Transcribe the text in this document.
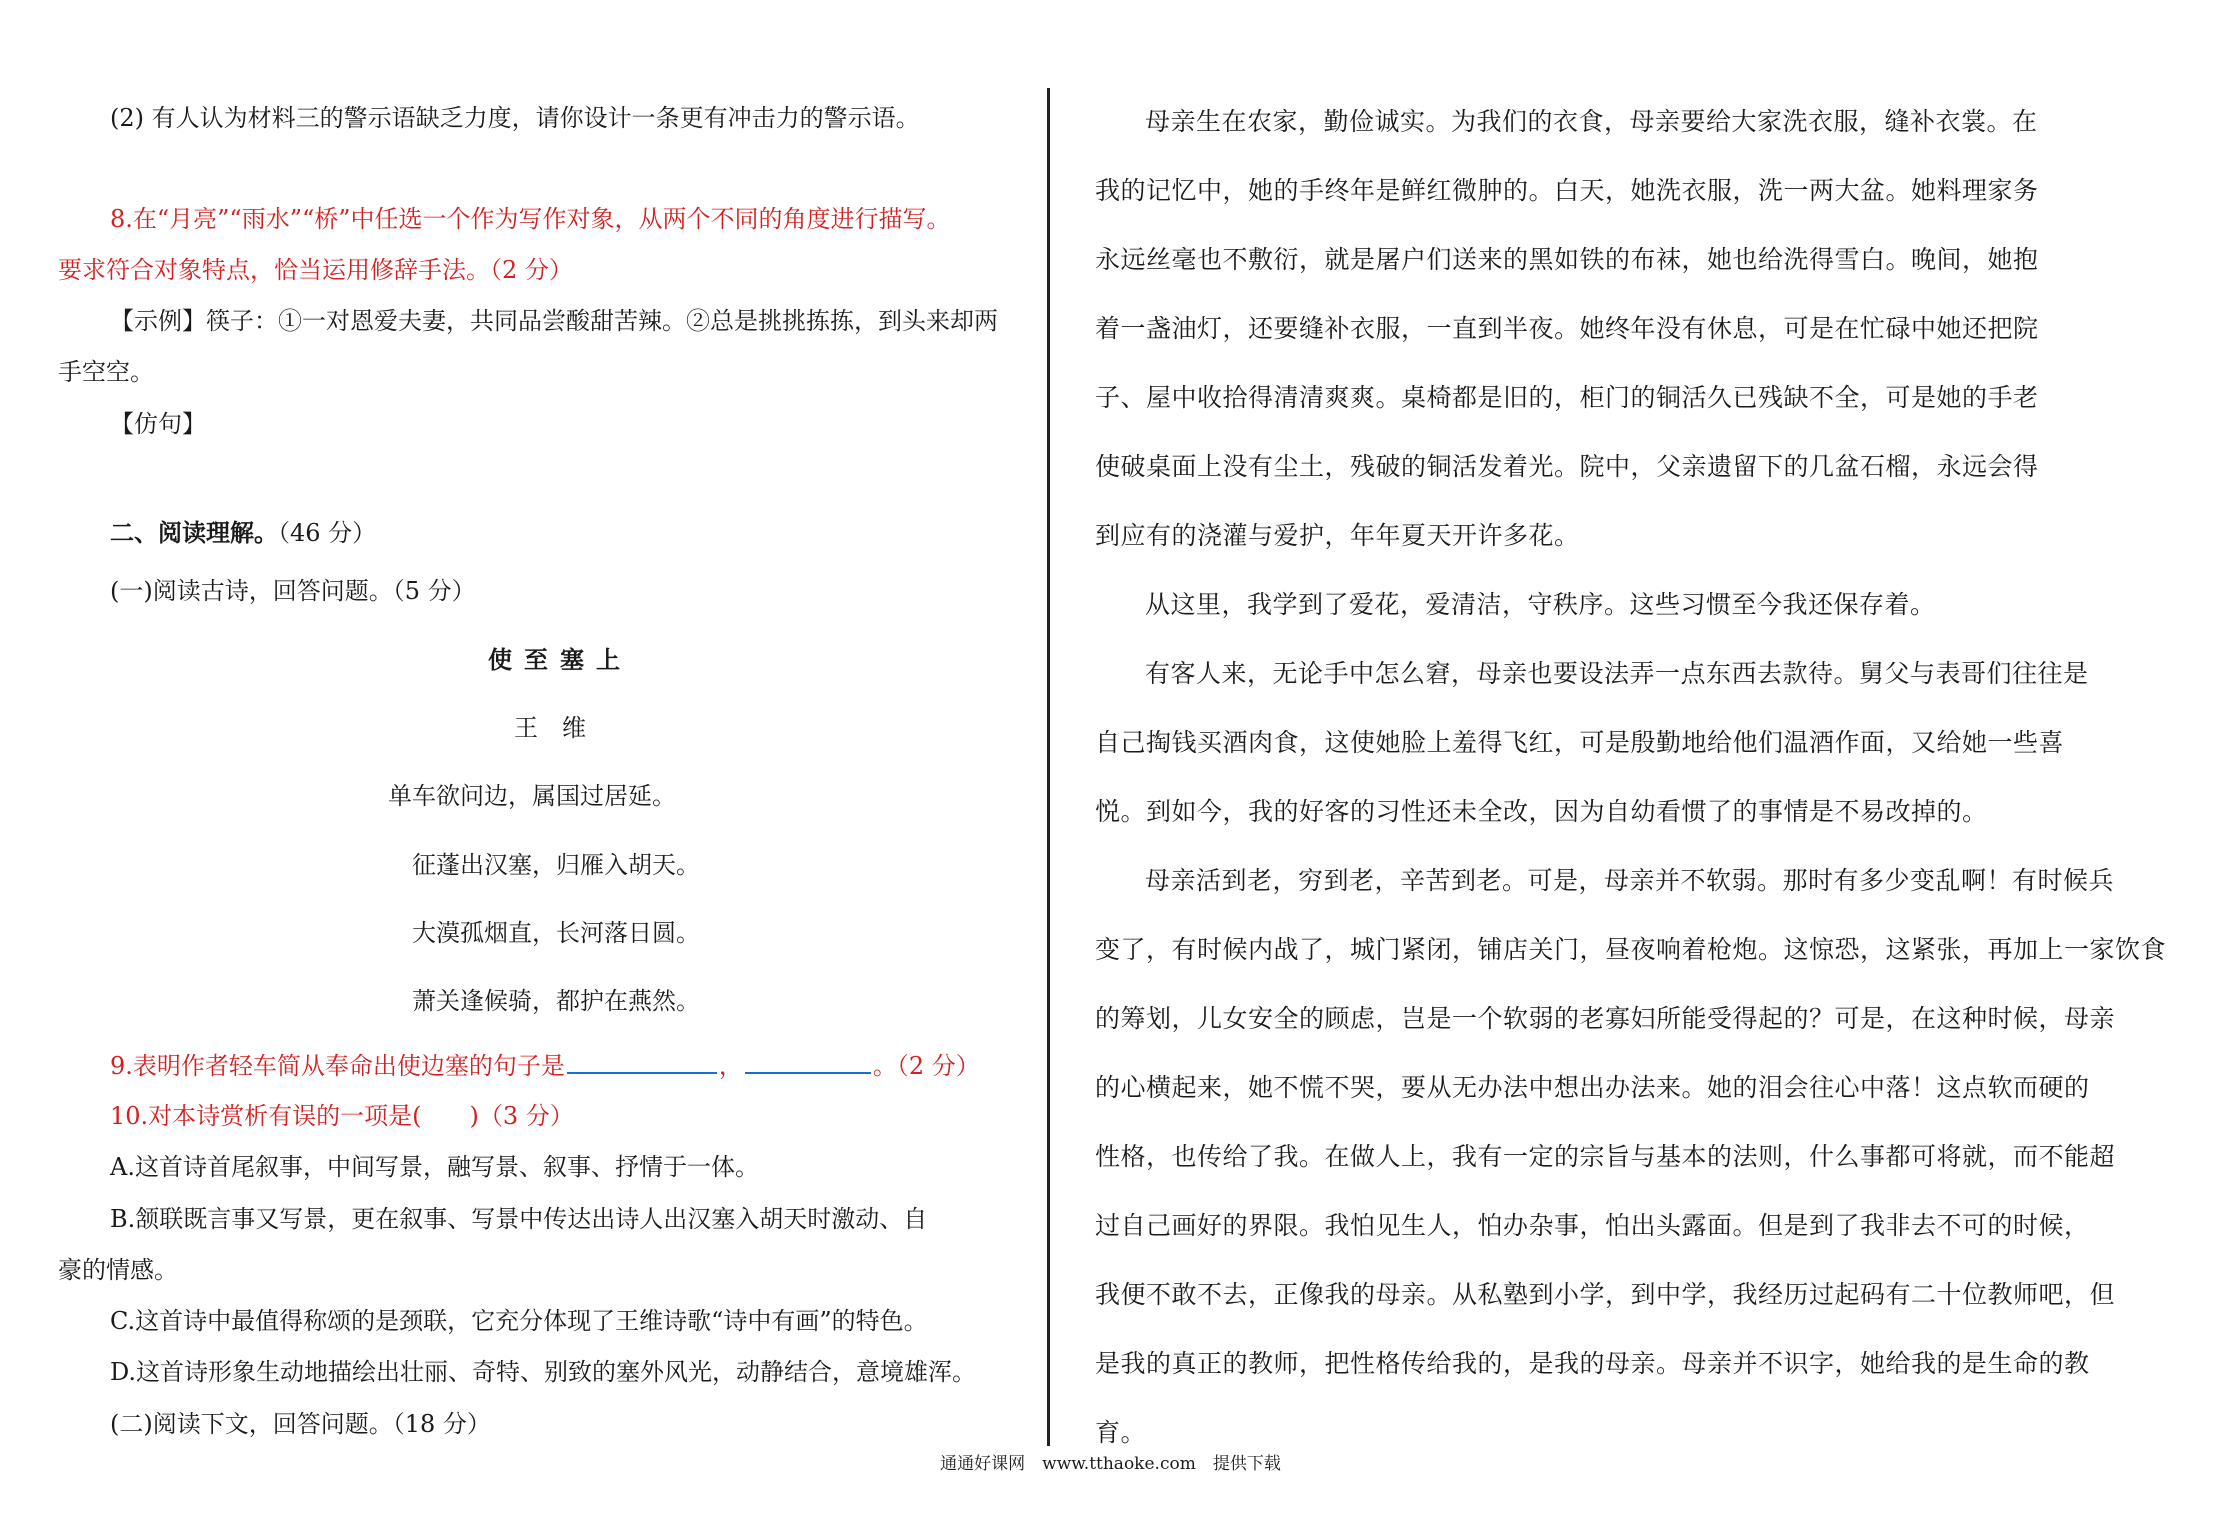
(2) 有人认为材料三的警示语缺乏力度，请你设计一条更有冲击力的警示语。
8.在“月亮”“雨水”“桥”中任选一个作为写作对象，从两个不同的角度进行描写。
要求符合对象特点，恰当运用修辞手法。（2 分）
【示例】筷子：①一对恩爱夫妻，共同品尝酸甜苦辣。②总是挑挑拣拣，到头来却两
手空空。
【仿句】
二、阅读理解。（46 分）
(一)阅读古诗，回答问题。（5 分）
使至塞上
王　维
单车欲问边，属国过居延。
征蓬出汉塞，归雁入胡天。
大漠孤烟直，长河落日圆。
萧关逢候骑，都护在燕然。
9.表明作者轻车简从奉命出使边塞的句子是	，	。（2 分）
10.对本诗赏析有误的一项是(　　)（3 分）
A.这首诗首尾叙事，中间写景，融写景、叙事、抒情于一体。
B.颔联既言事又写景，更在叙事、写景中传达出诗人出汉塞入胡天时激动、自
豪的情感。
C.这首诗中最值得称颂的是颈联，它充分体现了王维诗歌“诗中有画”的特色。
D.这首诗形象生动地描绘出壮丽、奇特、别致的塞外风光，动静结合，意境雄浑。
(二)阅读下文，回答问题。（18 分）
母亲生在农家，勤俭诚实。为我们的衣食，母亲要给大家洗衣服，缝补衣裳。在
我的记忆中，她的手终年是鲜红微肿的。白天，她洗衣服，洗一两大盆。她料理家务
永远丝毫也不敷衍，就是屠户们送来的黑如铁的布袜，她也给洗得雪白。晚间，她抱
着一盏油灯，还要缝补衣服，一直到半夜。她终年没有休息，可是在忙碌中她还把院
子、屋中收拾得清清爽爽。桌椅都是旧的，柜门的铜活久已残缺不全，可是她的手老
使破桌面上没有尘土，残破的铜活发着光。院中，父亲遗留下的几盆石榴，永远会得
到应有的浇灌与爱护，年年夏天开许多花。
从这里，我学到了爱花，爱清洁，守秩序。这些习惯至今我还保存着。
有客人来，无论手中怎么窘，母亲也要设法弄一点东西去款待。舅父与表哥们往往是
自己掏钱买酒肉食，这使她脸上羞得飞红，可是殷勤地给他们温酒作面，又给她一些喜
悦。到如今，我的好客的习性还未全改，因为自幼看惯了的事情是不易改掉的。
母亲活到老，穷到老，辛苦到老。可是，母亲并不软弱。那时有多少变乱啊！有时候兵
变了，有时候内战了，城门紧闭，铺店关门，昼夜响着枪炮。这惊恐，这紧张，再加上一家饮食
的筹划，儿女安全的顾虑，岂是一个软弱的老寡妇所能受得起的？可是，在这种时候，母亲
的心横起来，她不慌不哭，要从无办法中想出办法来。她的泪会往心中落！这点软而硬的
性格，也传给了我。在做人上，我有一定的宗旨与基本的法则，什么事都可将就，而不能超
过自己画好的界限。我怕见生人，怕办杂事，怕出头露面。但是到了我非去不可的时候，
我便不敢不去，正像我的母亲。从私塾到小学，到中学，我经历过起码有二十位教师吧，但
是我的真正的教师，把性格传给我的，是我的母亲。母亲并不识字，她给我的是生命的教
育。
通通好课网　www.tthaoke.com　提供下载
